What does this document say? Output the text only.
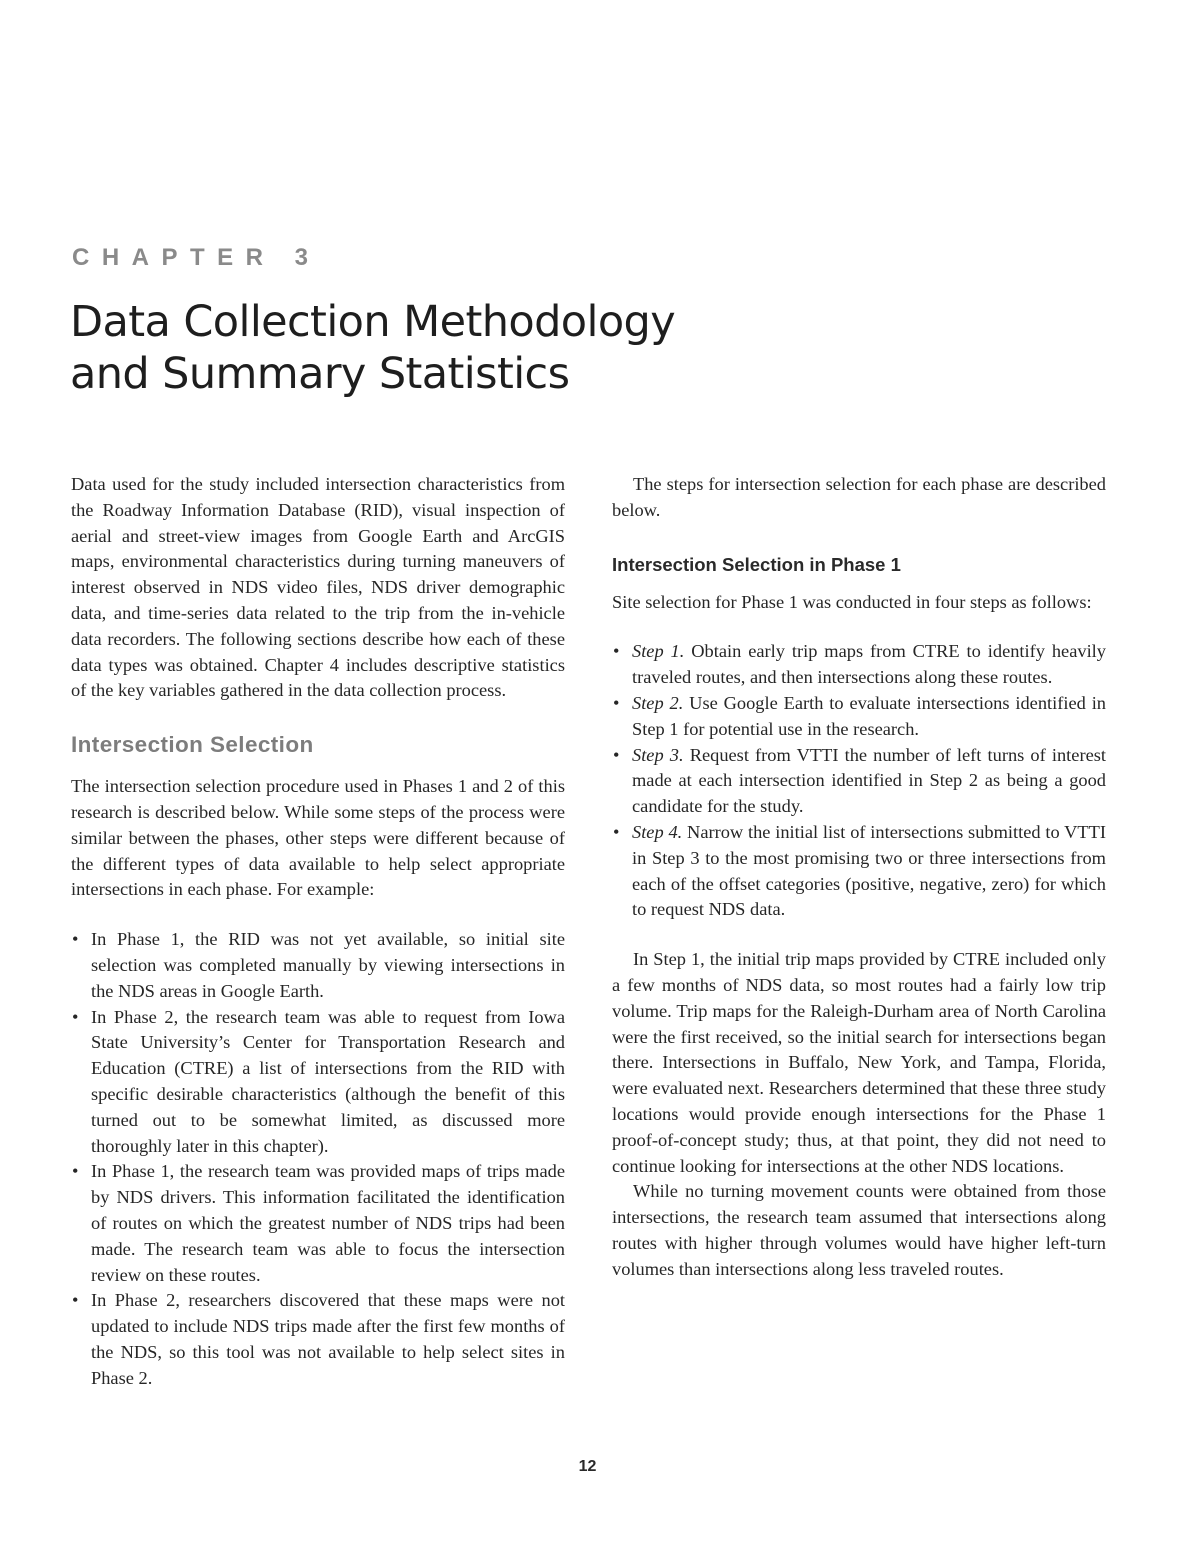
CHAPTER 3
Data Collection Methodology
and Summary Statistics

Data used for the study included intersection characteristics from the Roadway Information Database (RID), visual inspection of aerial and street-view images from Google Earth and ArcGIS maps, environmental characteristics during turning maneuvers of interest observed in NDS video files, NDS driver demographic data, and time-series data related to the trip from the in-vehicle data recorders. The following sections describe how each of these data types was obtained. Chapter 4 includes descriptive statistics of the key variables gathered in the data collection process.

Intersection Selection

The intersection selection procedure used in Phases 1 and 2 of this research is described below. While some steps of the process were similar between the phases, other steps were different because of the different types of data available to help select appropriate intersections in each phase. For example:

• In Phase 1, the RID was not yet available, so initial site selection was completed manually by viewing intersections in the NDS areas in Google Earth.
• In Phase 2, the research team was able to request from Iowa State University’s Center for Transportation Research and Education (CTRE) a list of intersections from the RID with specific desirable characteristics (although the benefit of this turned out to be somewhat limited, as discussed more thoroughly later in this chapter).
• In Phase 1, the research team was provided maps of trips made by NDS drivers. This information facilitated the identification of routes on which the greatest number of NDS trips had been made. The research team was able to focus the intersection review on these routes.
• In Phase 2, researchers discovered that these maps were not updated to include NDS trips made after the first few months of the NDS, so this tool was not available to help select sites in Phase 2.

The steps for intersection selection for each phase are described below.

Intersection Selection in Phase 1

Site selection for Phase 1 was conducted in four steps as follows:

• Step 1. Obtain early trip maps from CTRE to identify heavily traveled routes, and then intersections along these routes.
• Step 2. Use Google Earth to evaluate intersections identified in Step 1 for potential use in the research.
• Step 3. Request from VTTI the number of left turns of interest made at each intersection identified in Step 2 as being a good candidate for the study.
• Step 4. Narrow the initial list of intersections submitted to VTTI in Step 3 to the most promising two or three intersections from each of the offset categories (positive, negative, zero) for which to request NDS data.

In Step 1, the initial trip maps provided by CTRE included only a few months of NDS data, so most routes had a fairly low trip volume. Trip maps for the Raleigh-Durham area of North Carolina were the first received, so the initial search for intersections began there. Intersections in Buffalo, New York, and Tampa, Florida, were evaluated next. Researchers determined that these three study locations would provide enough intersections for the Phase 1 proof-of-concept study; thus, at that point, they did not need to continue looking for intersections at the other NDS locations.

While no turning movement counts were obtained from those intersections, the research team assumed that intersections along routes with higher through volumes would have higher left-turn volumes than intersections along less traveled routes.

12
